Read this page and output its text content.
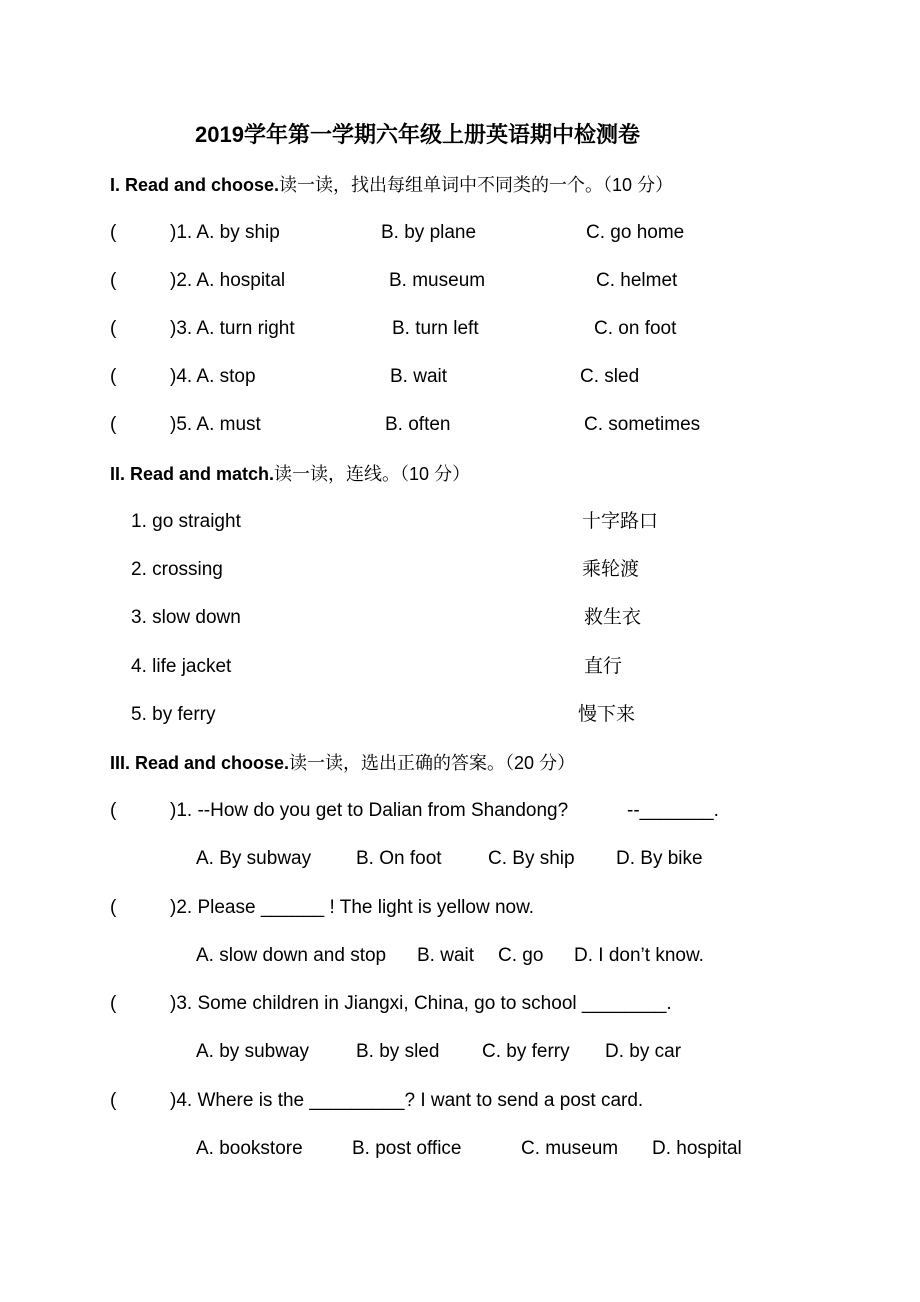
2019学年第一学期六年级上册英语期中检测卷
I. Read and choose.读一读，找出每组单词中不同类的一个。（10 分）
(	)1. A. by ship	B. by plane	C. go home
(	)2. A. hospital	B. museum	C. helmet
(	)3. A. turn right	B. turn left	C. on foot
(	)4. A. stop	B. wait	C. sled
(	)5. A. must	B. often	C. sometimes
II. Read and match.读一读，连线。（10 分）
1. go straight	十字路口
2. crossing	乘轮渡
3. slow down	救生衣
4. life jacket	直行
5. by ferry	慢下来
III. Read and choose.读一读，选出正确的答案。（20 分）
(	)1. --How do you get to Dalian from Shandong?	--_______.
A. By subway B. On foot C. By ship D. By bike
(	)2. Please ______ ! The light is yellow now.
A. slow down and stop B. wait C. go D. I don’t know.
(	)3. Some children in Jiangxi, China, go to school ________.
A. by subway B. by sled C. by ferry D. by car
(	)4. Where is the _________? I want to send a post card.
A. bookstore	B. post office	C. museum D. hospital
